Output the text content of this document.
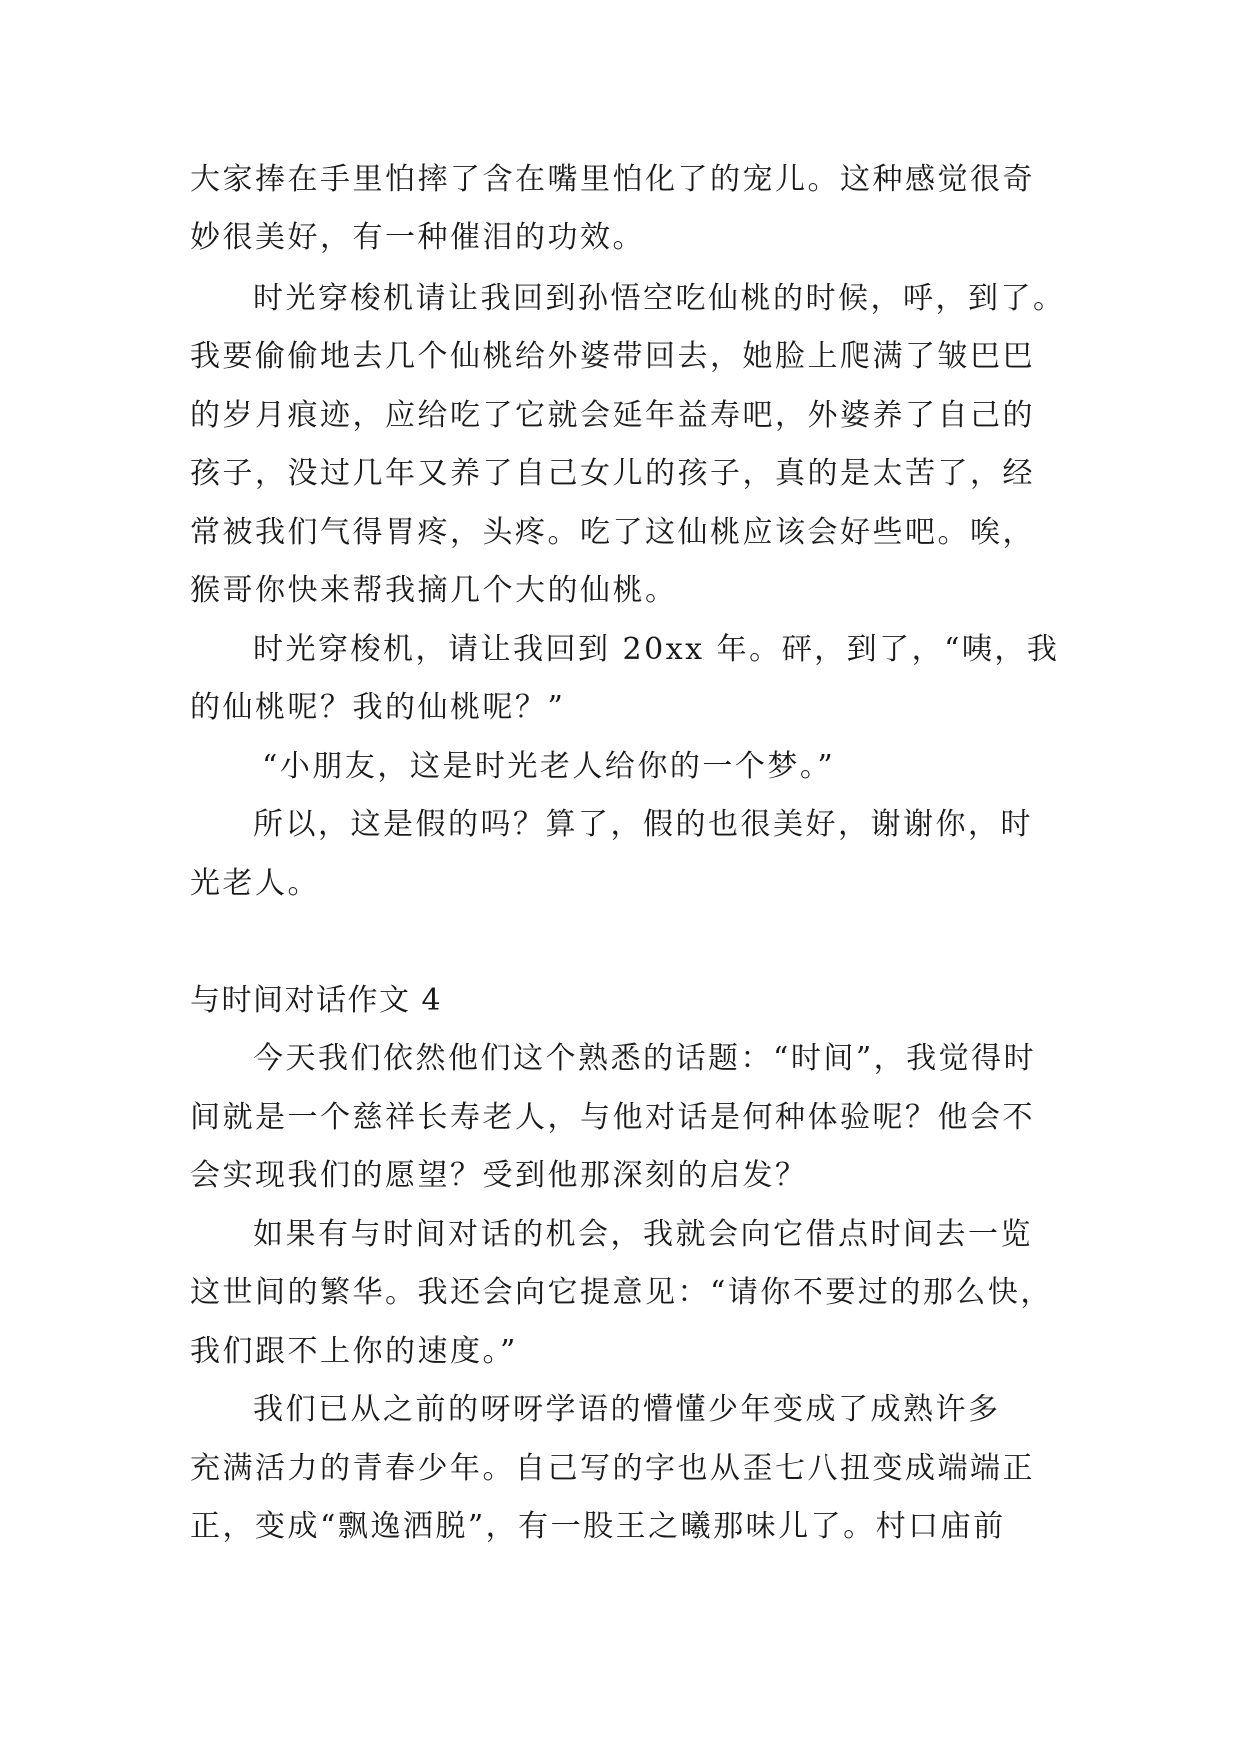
大家捧在手里怕摔了含在嘴里怕化了的宠儿。这种感觉很奇
妙很美好，有一种催泪的功效。
时光穿梭机请让我回到孙悟空吃仙桃的时候，呼，到了。
我要偷偷地去几个仙桃给外婆带回去，她脸上爬满了皱巴巴
的岁月痕迹，应给吃了它就会延年益寿吧，外婆养了自己的
孩子，没过几年又养了自己女儿的孩子，真的是太苦了，经
常被我们气得胃疼，头疼。吃了这仙桃应该会好些吧。唉，
猴哥你快来帮我摘几个大的仙桃。
时光穿梭机，请让我回到 20xx 年。砰，到了，“咦，我
的仙桃呢？我的仙桃呢？”
“小朋友，这是时光老人给你的一个梦。”
所以，这是假的吗？算了，假的也很美好，谢谢你，时
光老人。
与时间对话作文 4
今天我们依然他们这个熟悉的话题：“时间”，我觉得时
间就是一个慈祥长寿老人，与他对话是何种体验呢？他会不
会实现我们的愿望？受到他那深刻的启发？
如果有与时间对话的机会，我就会向它借点时间去一览
这世间的繁华。我还会向它提意见：“请你不要过的那么快，
我们跟不上你的速度。”
我们已从之前的呀呀学语的懵懂少年变成了成熟许多
充满活力的青春少年。自己写的字也从歪七八扭变成端端正
正，变成“飘逸洒脱”，有一股王之曦那味儿了。村口庙前
